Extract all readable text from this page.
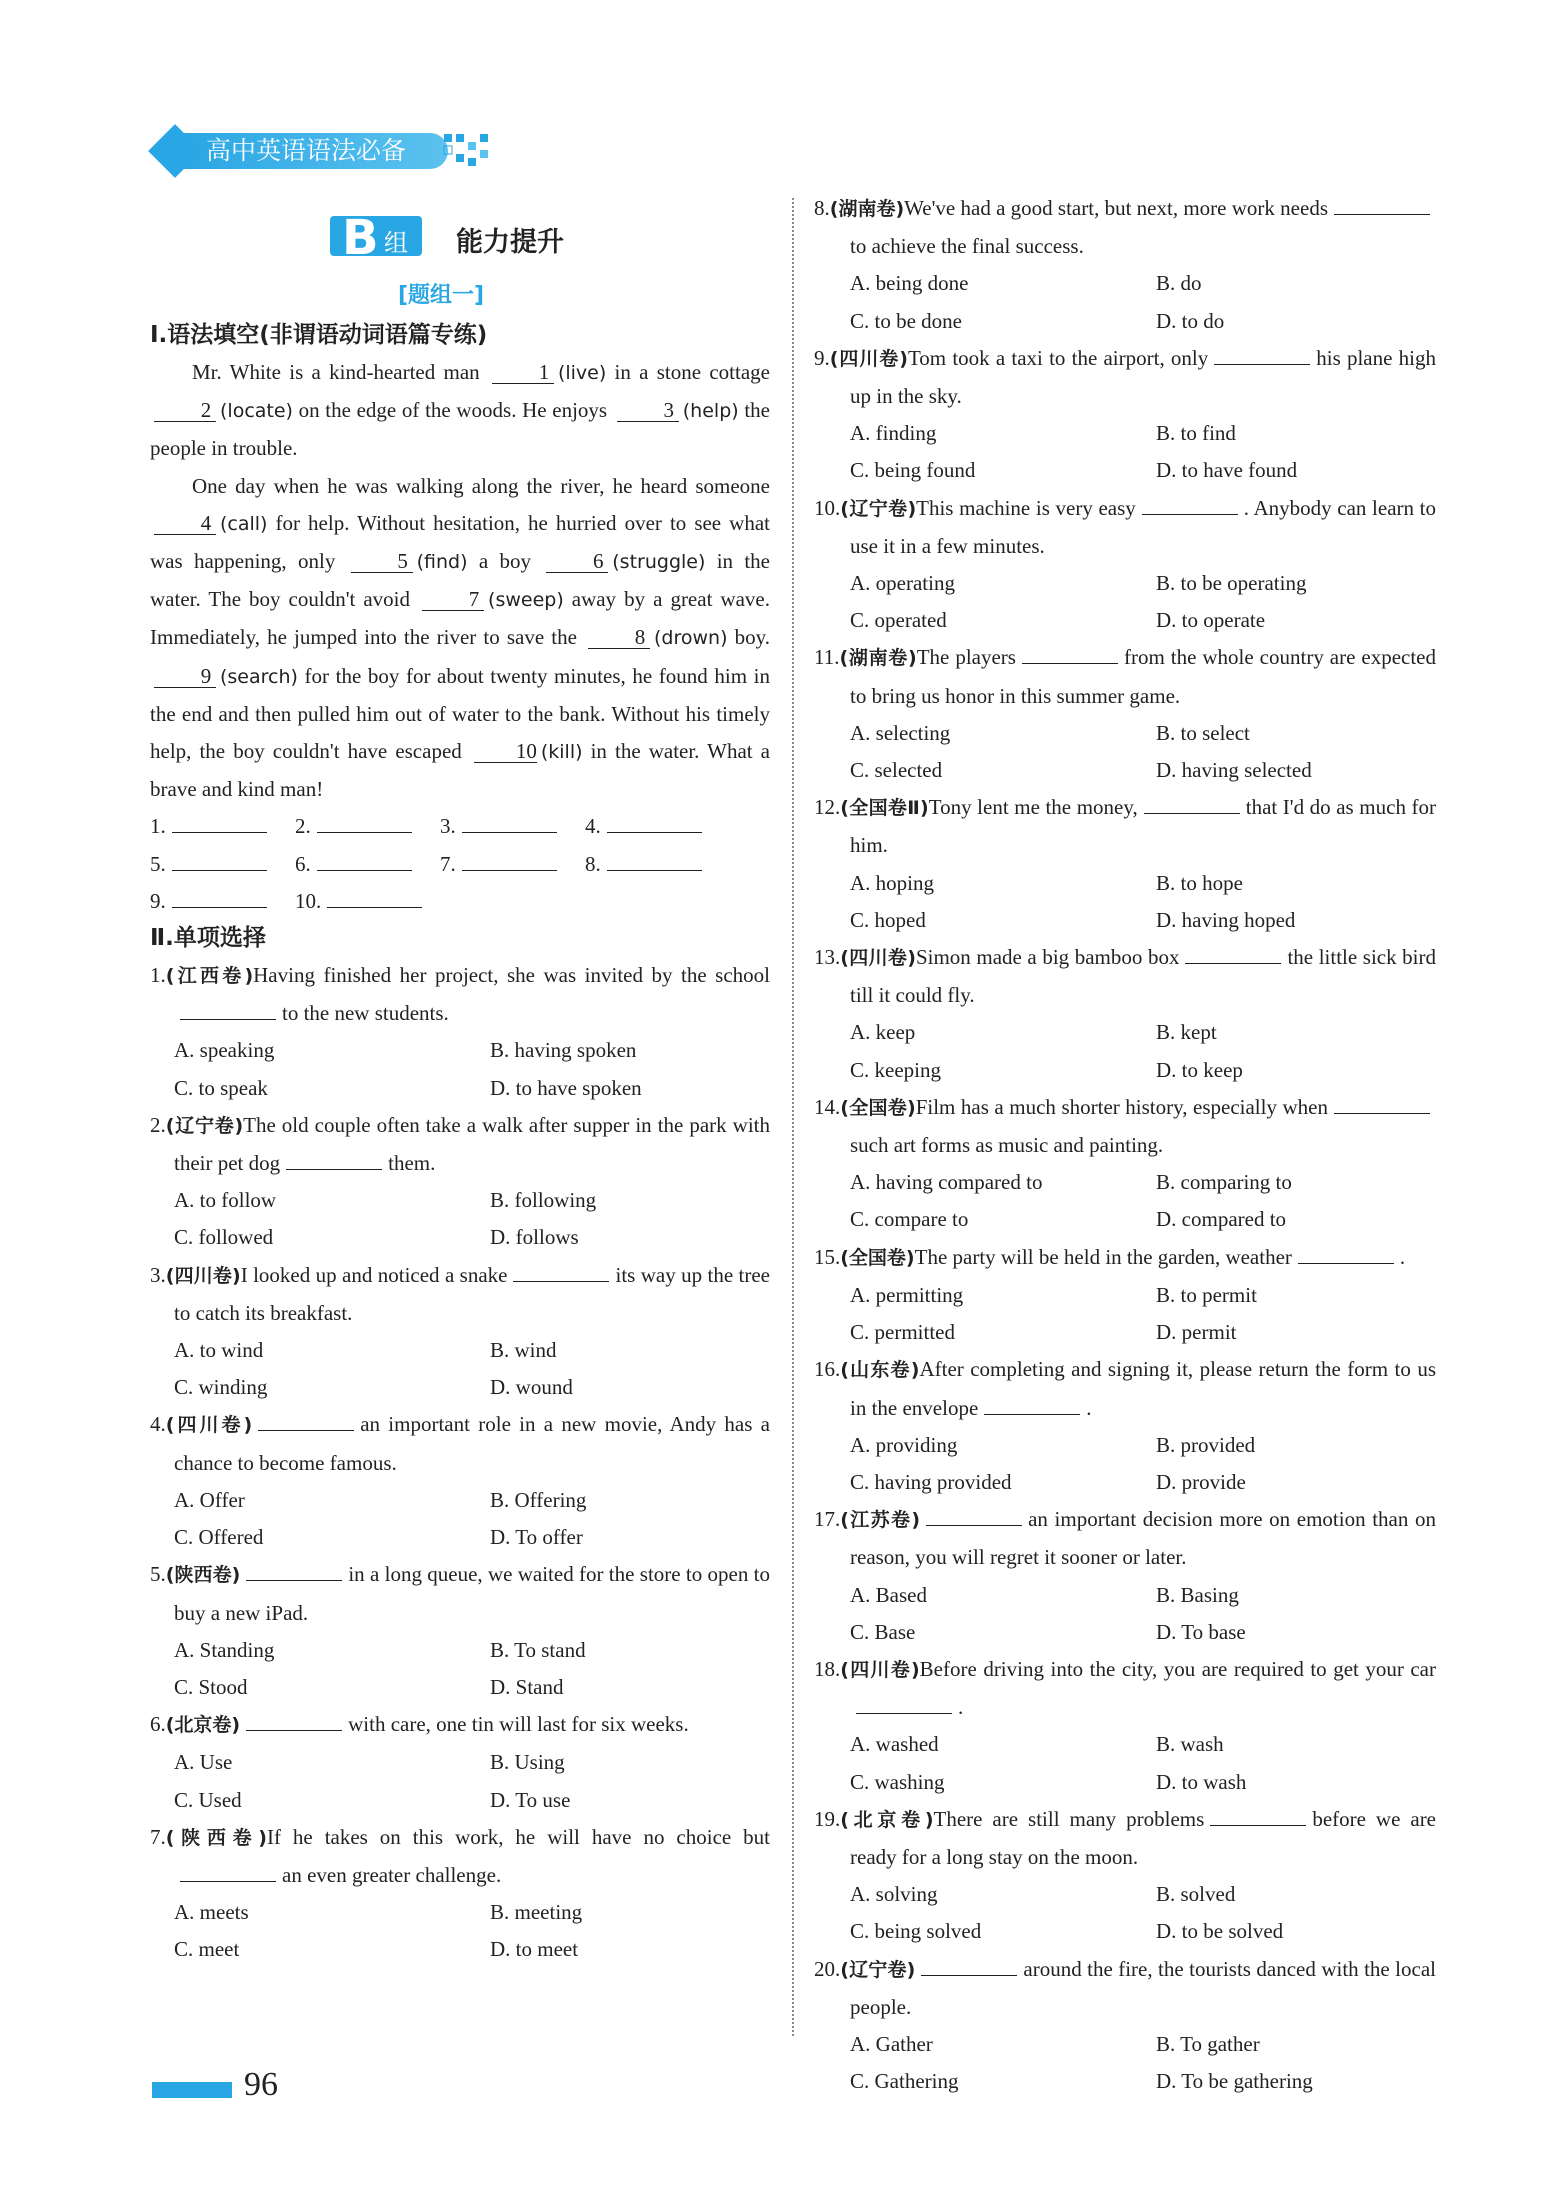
高中英语语法必备
B 组 能力提升
[题组一]
Ⅰ.语法填空(非谓语动词语篇专练)

Mr. White is a kind-hearted man 1 (live) in a stone cottage 2 (locate) on the edge of the woods. He enjoys 3 (help) the people in trouble.

One day when he was walking along the river, he heard someone 4 (call) for help. Without hesitation, he hurried over to see what was happening, only 5 (find) a boy 6 (struggle) in the water. The boy couldn't avoid 7 (sweep) away by a great wave. Immediately, he jumped into the river to save the 8 (drown) boy. 9 (search) for the boy for about twenty minutes, he found him in the end and then pulled him out of water to the bank. Without his timely help, the boy couldn't have escaped 10 (kill) in the water. What a brave and kind man!

1.	2.	3.	4.
5.	6.	7.	8.
9.	10.
Ⅱ.单项选择
1.(江西卷)Having finished her project, she was invited by the schoolto the new students.
A. speaking	B. having spoken
C. to speak	D. to have spoken
2.(辽宁卷)The old couple often take a walk after supper in the park with their pet dog	them.
A. to follow	B. following
C. followed	D. follows
3.(四川卷)I looked up and noticed a snake	its way up the tree to catch its breakfast.
A. to wind	B. wind
C. winding	D. wound
4.(四川卷)	an important role in a new movie, Andy has a chance to become famous.
A. Offer	B. Offering
C. Offered	D. To offer
5.(陕西卷)	in a long queue, we waited for the store to open to buy a new iPad.
A. Standing	B. To stand
C. Stood	D. Stand
6.(北京卷)	with care, one tin will last for six weeks.
A. Use	B. Using
C. Used	D. To use
7.(陕西卷)If he takes on this work, he will have no choice butan even greater challenge.
A. meets	B. meeting
C. meet	D. to meet
8.(湖南卷)We've had a good start, but next, more work needsto achieve the final success.
A. being done	B. do
C. to be done	D. to do
9.(四川卷)Tom took a taxi to the airport, only	his plane high up in the sky.
A. finding	B. to find
C. being found	D. to have found
10.(辽宁卷)This machine is very easy	. Anybody can learn to use it in a few minutes.
A. operating	B. to be operating
C. operated	D. to operate
11.(湖南卷)The players	from the whole country are expected to bring us honor in this summer game.
A. selecting	B. to select
C. selected	D. having selected
12.(全国卷Ⅱ)Tony lent me the money,	that I'd do as much for him.
A. hoping	B. to hope
C. hoped	D. having hoped
13.(四川卷)Simon made a big bamboo box	the little sick bird till it could fly.
A. keep	B. kept
C. keeping	D. to keep
14.(全国卷)Film has a much shorter history, especially whensuch art forms as music and painting.
A. having compared to	B. comparing to
C. compare to	D. compared to
15.(全国卷)The party will be held in the garden, weather	.
A. permitting	B. to permit
C. permitted	D. permit
16.(山东卷)After completing and signing it, please return the form to us in the envelope	.
A. providing	B. provided
C. having provided	D. provide
17.(江苏卷)	an important decision more on emotion than on reason, you will regret it sooner or later.
A. Based	B. Basing
C. Base	D. To base
18.(四川卷)Before driving into the city, you are required to get your car.
A. washed	B. wash
C. washing	D. to wash
19.(北京卷)There are still many problems	before we are ready for a long stay on the moon.
A. solving	B. solved
C. being solved	D. to be solved
20.(辽宁卷)	around the fire, the tourists danced with the local people.
A. Gather	B. To gather
C. Gathering	D. To be gathering
96
